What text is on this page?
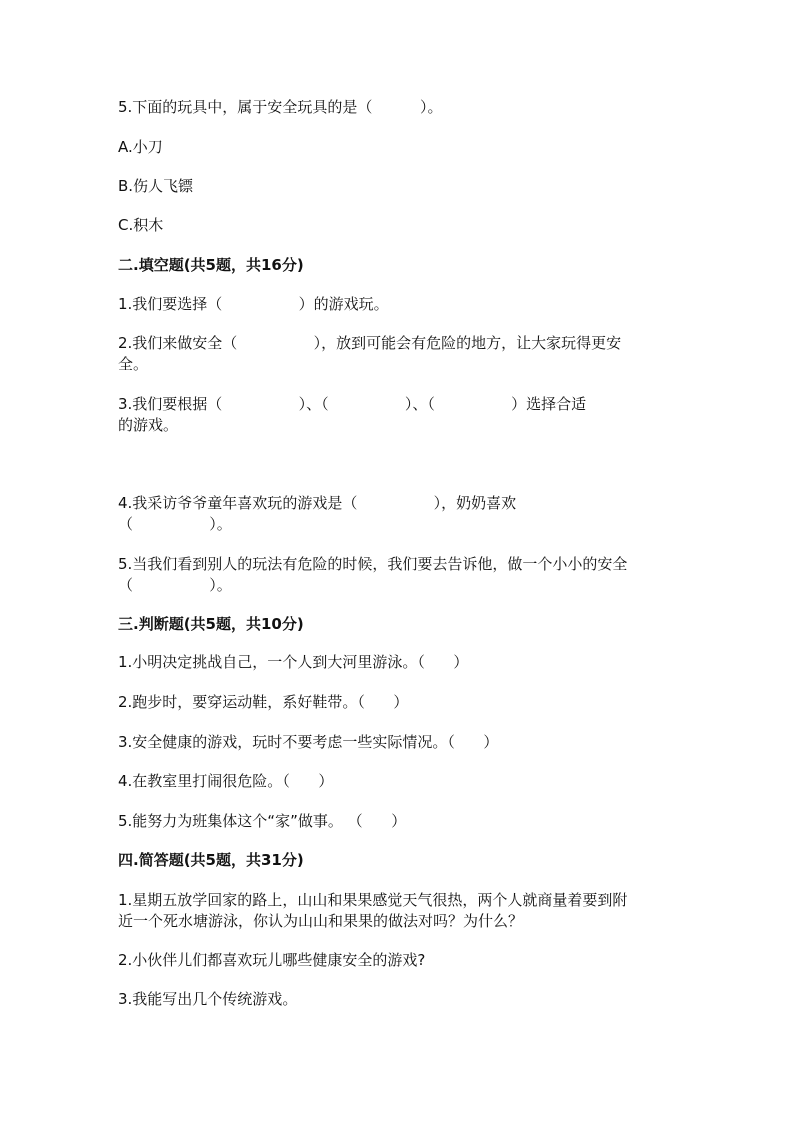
5.下面的玩具中，属于安全玩具的是（          ）。
A.小刀
B.伤人飞镖
C.积木
二.填空题(共5题，共16分)
1.我们要选择（                ）的游戏玩。
2.我们来做安全（                ），放到可能会有危险的地方，让大家玩得更安
全。
3.我们要根据（                ）、（                ）、（                ）选择合适
的游戏。
4.我采访爷爷童年喜欢玩的游戏是（                ），奶奶喜欢
（                ）。
5.当我们看到别人的玩法有危险的时候，我们要去告诉他，做一个小小的安全
（                ）。
三.判断题(共5题，共10分)
1.小明决定挑战自己，一个人到大河里游泳。（      ）
2.跑步时，要穿运动鞋，系好鞋带。（      ）
3.安全健康的游戏，玩时不要考虑一些实际情况。（      ）
4.在教室里打闹很危险。（      ）
5.能努力为班集体这个“家”做事。 （      ）
四.简答题(共5题，共31分)
1.星期五放学回家的路上，山山和果果感觉天气很热，两个人就商量着要到附
近一个死水塘游泳，你认为山山和果果的做法对吗？为什么？
2.小伙伴儿们都喜欢玩儿哪些健康安全的游戏?
3.我能写出几个传统游戏。
